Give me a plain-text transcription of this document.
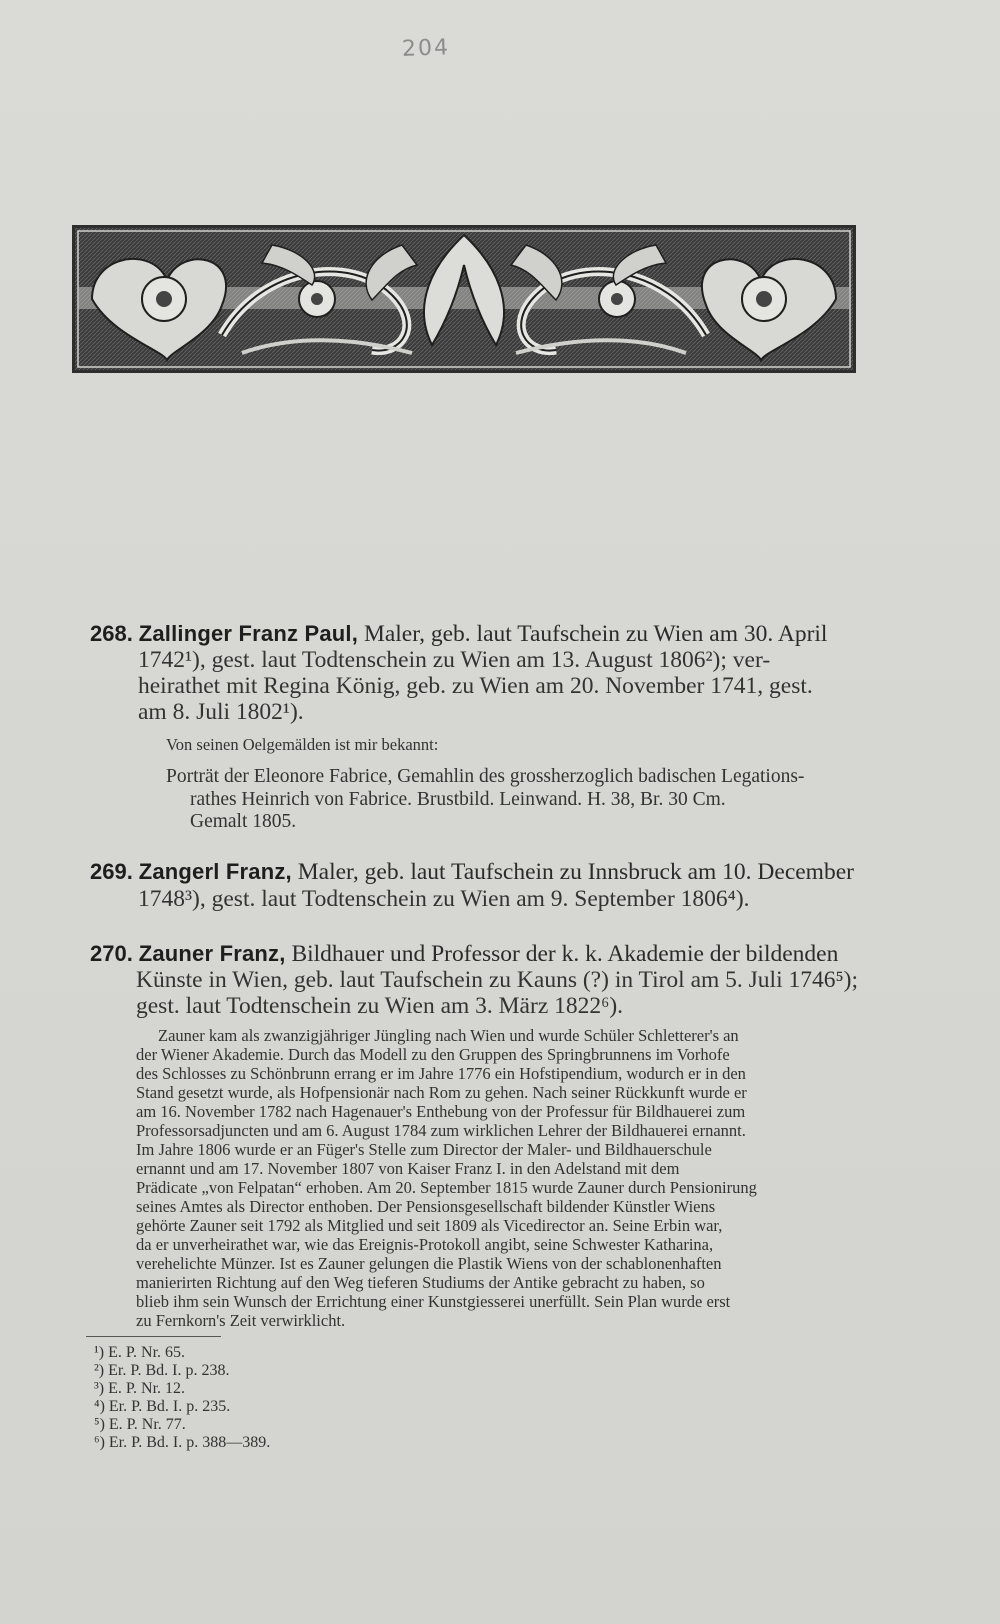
204
268. Zallinger Franz Paul, Maler, geb. laut Taufschein zu Wien am 30. April
1742¹), gest. laut Todtenschein zu Wien am 13. August 1806²); ver-
heirathet mit Regina König, geb. zu Wien am 20. November 1741, gest.
am 8. Juli 1802¹).
Von seinen Oelgemälden ist mir bekannt:
Porträt der Eleonore Fabrice, Gemahlin des grossherzoglich badischen Legations-
rathes Heinrich von Fabrice. Brustbild. Leinwand. H. 38, Br. 30 Cm.
Gemalt 1805.
269. Zangerl Franz, Maler, geb. laut Taufschein zu Innsbruck am 10. December
1748³), gest. laut Todtenschein zu Wien am 9. September 1806⁴).
270. Zauner Franz, Bildhauer und Professor der k. k. Akademie der bildenden
Künste in Wien, geb. laut Taufschein zu Kauns (?) in Tirol am 5. Juli 1746⁵);
gest. laut Todtenschein zu Wien am 3. März 1822⁶).
Zauner kam als zwanzigjähriger Jüngling nach Wien und wurde Schüler Schletterer's an
der Wiener Akademie. Durch das Modell zu den Gruppen des Springbrunnens im Vorhofe
des Schlosses zu Schönbrunn errang er im Jahre 1776 ein Hofstipendium, wodurch er in den
Stand gesetzt wurde, als Hofpensionär nach Rom zu gehen. Nach seiner Rückkunft wurde er
am 16. November 1782 nach Hagenauer's Enthebung von der Professur für Bildhauerei zum
Professorsadjuncten und am 6. August 1784 zum wirklichen Lehrer der Bildhauerei ernannt.
Im Jahre 1806 wurde er an Füger's Stelle zum Director der Maler- und Bildhauerschule
ernannt und am 17. November 1807 von Kaiser Franz I. in den Adelstand mit dem
Prädicate „von Felpatan“ erhoben. Am 20. September 1815 wurde Zauner durch Pensionirung
seines Amtes als Director enthoben. Der Pensionsgesellschaft bildender Künstler Wiens
gehörte Zauner seit 1792 als Mitglied und seit 1809 als Vicedirector an. Seine Erbin war,
da er unverheirathet war, wie das Ereignis-Protokoll angibt, seine Schwester Katharina,
verehelichte Münzer. Ist es Zauner gelungen die Plastik Wiens von der schablonenhaften
manierirten Richtung auf den Weg tieferen Studiums der Antike gebracht zu haben, so
blieb ihm sein Wunsch der Errichtung einer Kunstgiesserei unerfüllt. Sein Plan wurde erst
zu Fernkorn's Zeit verwirklicht.
¹) E. P. Nr. 65.
²) Er. P. Bd. I. p. 238.
³) E. P. Nr. 12.
⁴) Er. P. Bd. I. p. 235.
⁵) E. P. Nr. 77.
⁶) Er. P. Bd. I. p. 388—389.
